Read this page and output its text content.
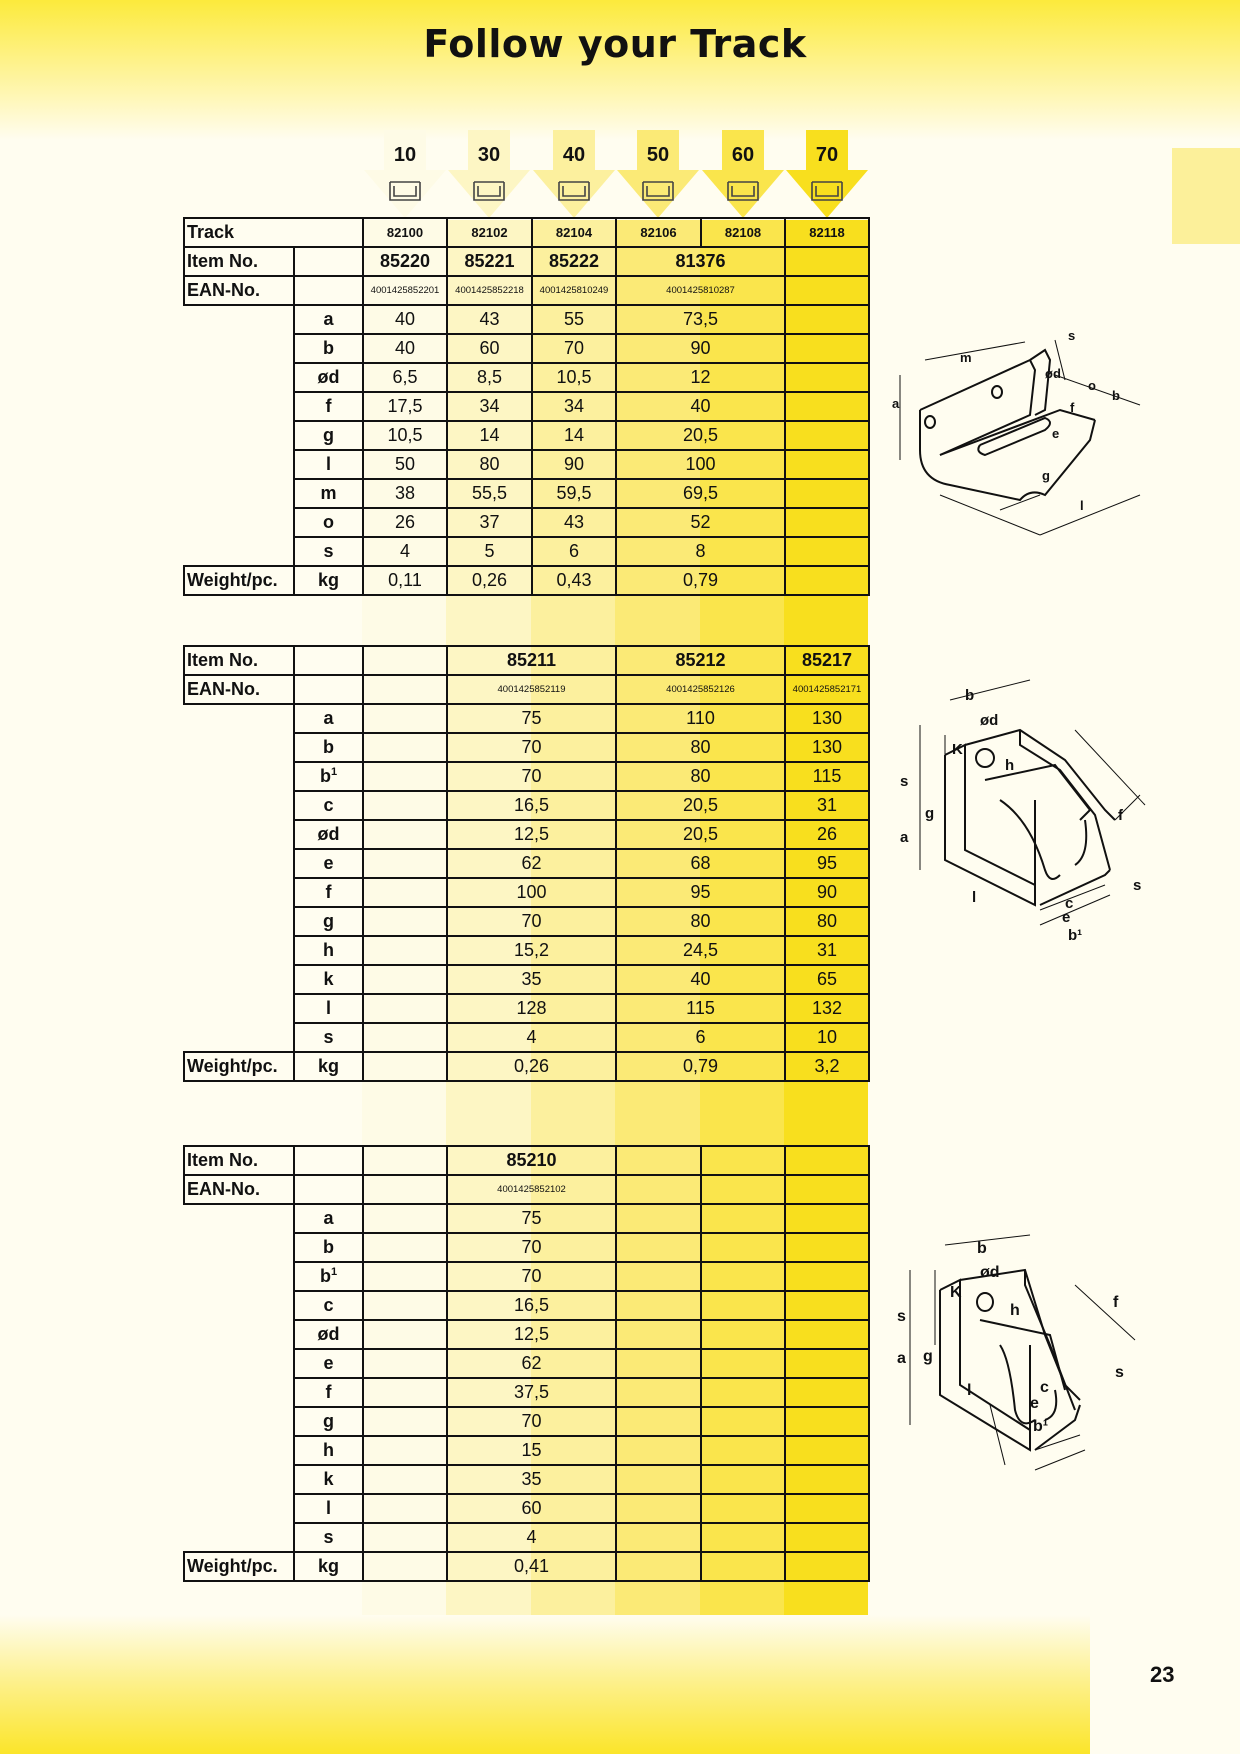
Follow your Track
23
10	30	40	50	60	70
Track		82100	82102	82104	82106	82108	82118
Item No.		85220	85221	85222	81376		
EAN-No.		4001425852201	4001425852218	4001425810249	4001425810287		
	a	40	43	55	73,5		
	b	40	60	70	90		
	ød	6,5	8,5	10,5	12		
	f	17,5	34	34	40		
	g	10,5	14	14	20,5		
	l	50	80	90	100		
	m	38	55,5	59,5	69,5		
	o	26	37	43	52		
	s	4	5	6	8		
Weight/pc.	kg	0,11	0,26	0,43	0,79		
Item No.			85211	85212	85217
EAN-No.			4001425852119	4001425852126	4001425852171
	a		75	110	130
	b		70	80	130
	$b^1$		70	80	115
	c		16,5	20,5	31
	ød		12,5	20,5	26
	e		62	68	95
	f		100	95	90
	g		70	80	80
	h		15,2	24,5	31
	k		35	40	65
	l		128	115	132
	s		4	6	10
Weight/pc.	kg		0,26	0,79	3,2
Item No.			85210			
EAN-No.			4001425852102			
	a		75			
	b		70			
	$b^1$		70			
	c		16,5			
	ød		12,5			
	e		62			
	f		37,5			
	g		70			
	h		15			
	k		35			
	l		60			
	s		4			
Weight/pc.	kg		0,41			
s
m
ød
a
o
b
f
e
g
l
b
ød
K
h
s
g
a
f
s
l	c
e
b¹
b
ød
K
h
s
a g
f
s
l	c
e
b¹
